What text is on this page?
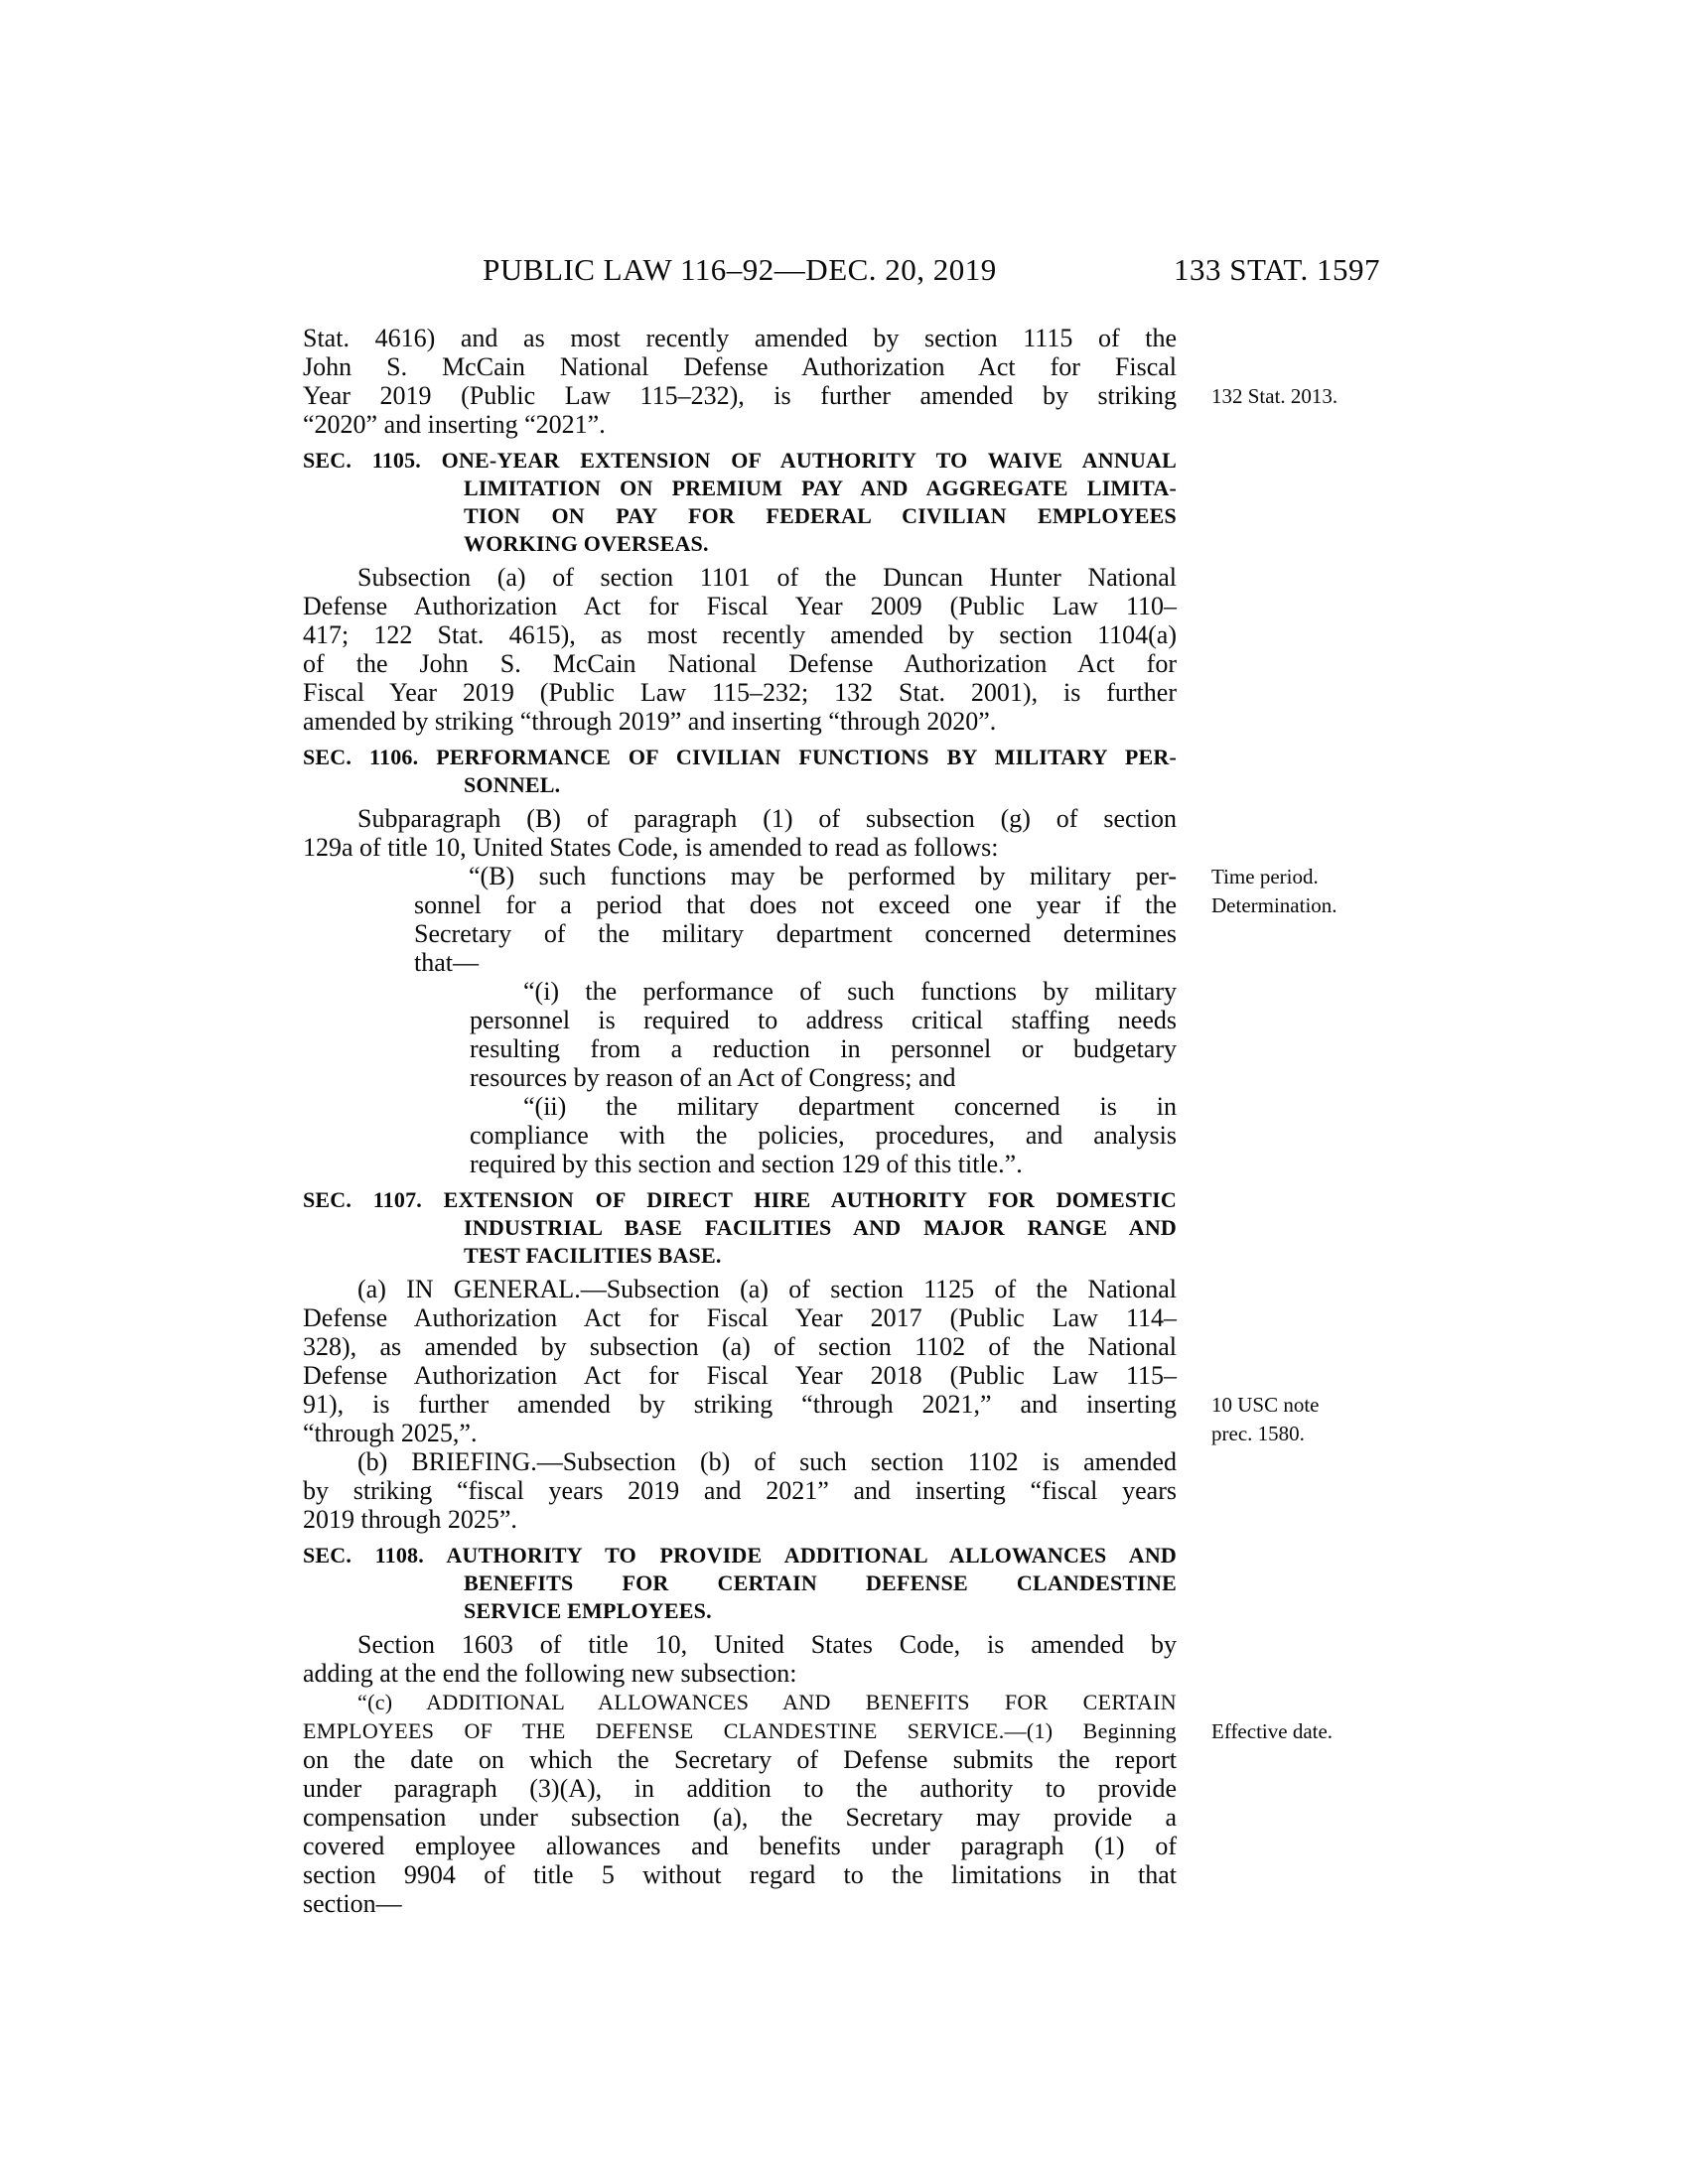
PUBLIC LAW 116–92—DEC. 20, 2019	133 STAT. 1597
Stat. 4616) and as most recently amended by section 1115 of the
John S. McCain National Defense Authorization Act for Fiscal
Year 2019 (Public Law 115–232), is further amended by striking 132 Stat. 2013.
“2020” and inserting “2021”.
SEC. 1105. ONE-YEAR EXTENSION OF AUTHORITY TO WAIVE ANNUAL
LIMITATION ON PREMIUM PAY AND AGGREGATE LIMITA-
TION ON PAY FOR FEDERAL CIVILIAN EMPLOYEES
WORKING OVERSEAS.
Subsection (a) of section 1101 of the Duncan Hunter National
Defense Authorization Act for Fiscal Year 2009 (Public Law 110–
417; 122 Stat. 4615), as most recently amended by section 1104(a)
of the John S. McCain National Defense Authorization Act for
Fiscal Year 2019 (Public Law 115–232; 132 Stat. 2001), is further
amended by striking “through 2019” and inserting “through 2020”.
SEC. 1106. PERFORMANCE OF CIVILIAN FUNCTIONS BY MILITARY PER-
SONNEL.
Subparagraph (B) of paragraph (1) of subsection (g) of section
129a of title 10, United States Code, is amended to read as follows:
“(B) such functions may be performed by military per- Time period.
sonnel for a period that does not exceed one year if the Determination.
Secretary of the military department concerned determines
that—
“(i) the performance of such functions by military
personnel is required to address critical staffing needs
resulting from a reduction in personnel or budgetary
resources by reason of an Act of Congress; and
“(ii) the military department concerned is in
compliance with the policies, procedures, and analysis
required by this section and section 129 of this title.”.
SEC. 1107. EXTENSION OF DIRECT HIRE AUTHORITY FOR DOMESTIC
INDUSTRIAL BASE FACILITIES AND MAJOR RANGE AND
TEST FACILITIES BASE.
(a) IN GENERAL.—Subsection (a) of section 1125 of the National
Defense Authorization Act for Fiscal Year 2017 (Public Law 114–
328), as amended by subsection (a) of section 1102 of the National
Defense Authorization Act for Fiscal Year 2018 (Public Law 115–
91), is further amended by striking “through 2021,” and inserting 10 USC note
“through 2025,”.	prec. 1580.
(b) BRIEFING.—Subsection (b) of such section 1102 is amended
by striking “fiscal years 2019 and 2021” and inserting “fiscal years
2019 through 2025”.
SEC. 1108. AUTHORITY TO PROVIDE ADDITIONAL ALLOWANCES AND
BENEFITS FOR CERTAIN DEFENSE CLANDESTINE
SERVICE EMPLOYEES.
Section 1603 of title 10, United States Code, is amended by
adding at the end the following new subsection:
“(c) ADDITIONAL ALLOWANCES AND BENEFITS FOR CERTAIN
EMPLOYEES OF THE DEFENSE CLANDESTINE SERVICE.—(1) Beginning Effective date.
on the date on which the Secretary of Defense submits the report
under paragraph (3)(A), in addition to the authority to provide
compensation under subsection (a), the Secretary may provide a
covered employee allowances and benefits under paragraph (1) of
section 9904 of title 5 without regard to the limitations in that
section—
